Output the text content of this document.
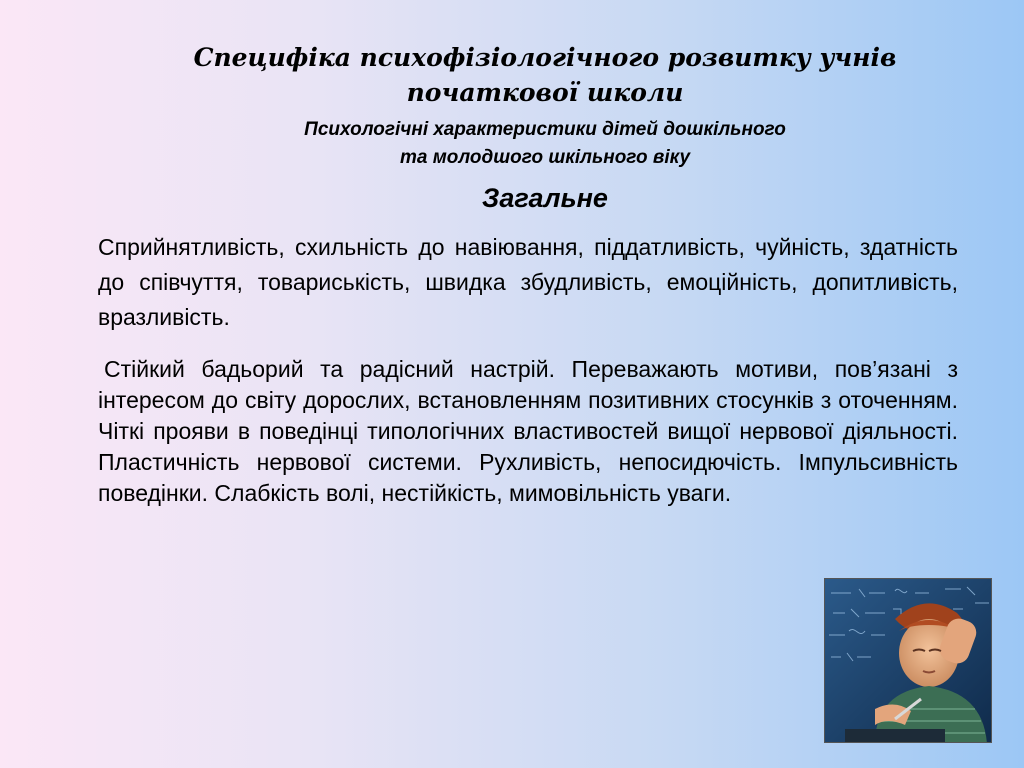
Специфіка психофізіологічного розвитку учнів початкової школи
Психологічні характеристики дітей дошкільного
та молодшого шкільного віку
Загальне
Сприйнятливість, схильність до навіювання, піддатливість, чуйність, здатність до співчуття, товариськість, швидка збудливість, емоційність, допитливість, вразливість.
Стійкий бадьорий та радісний настрій. Переважають мотиви, пов’язані з інтересом до світу дорослих, встановленням позитивних стосунків з оточенням. Чіткі прояви в поведінці типологічних властивостей вищої нервової діяльності. Пластичність нервової системи. Рухливість, непосидючість. Імпульсивність поведінки. Слабкість волі, нестійкість, мимовільність уваги.
